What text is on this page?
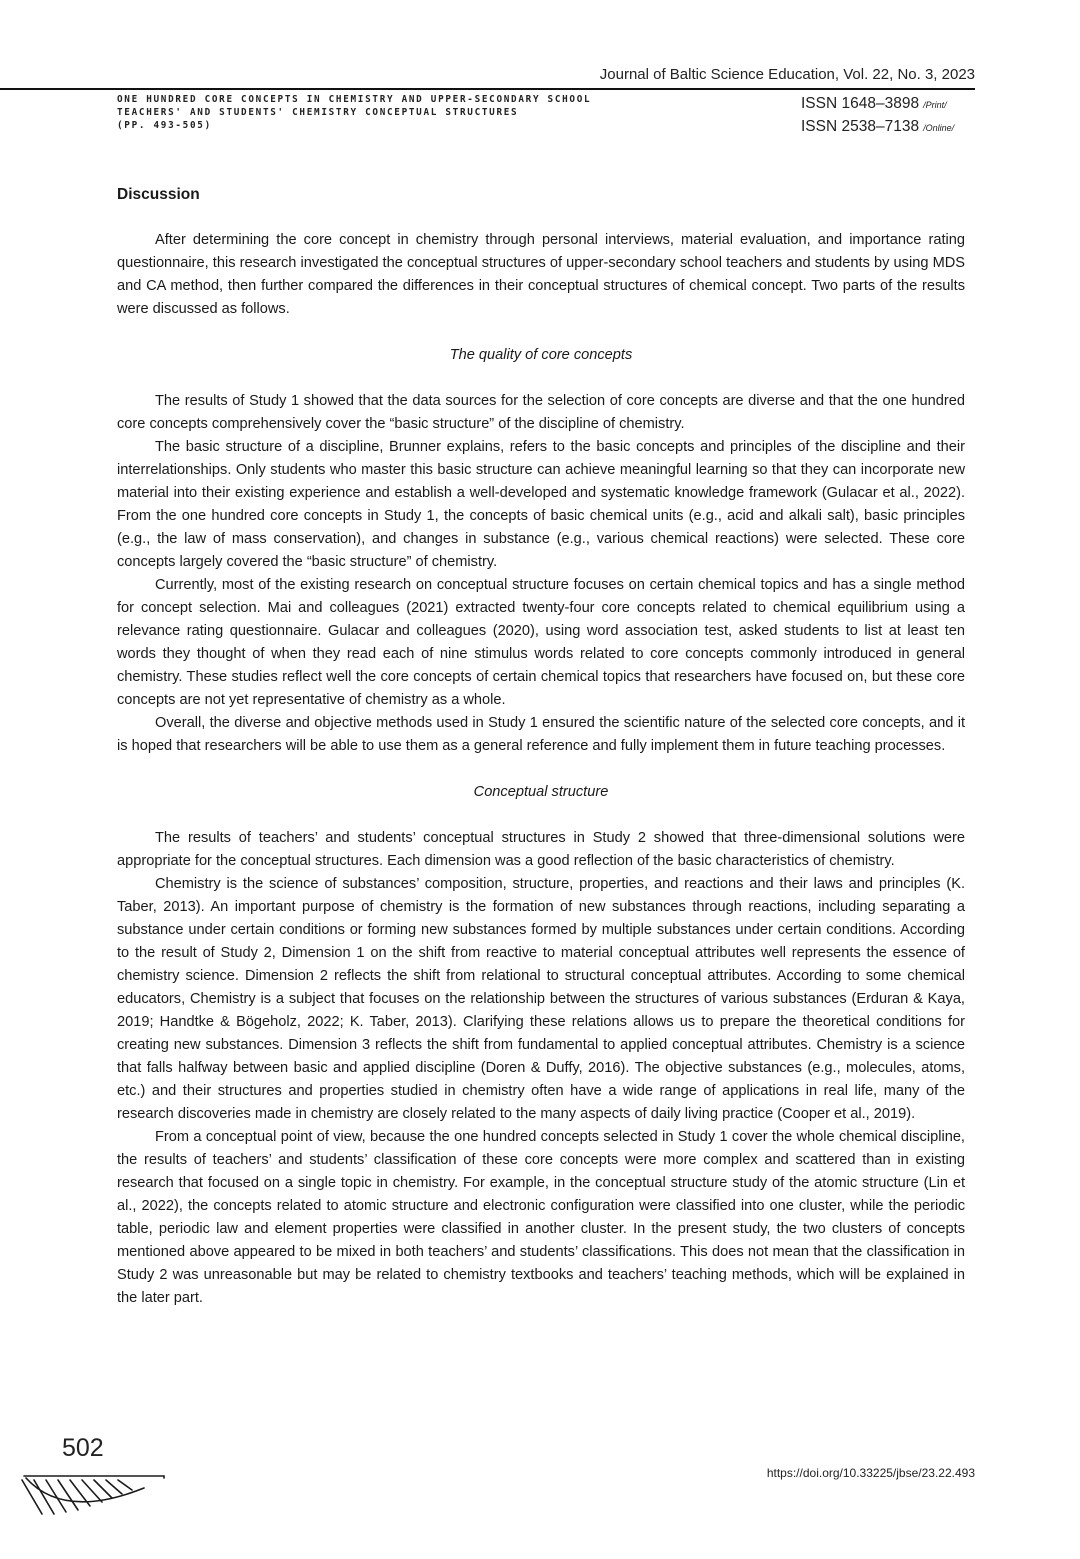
Journal of Baltic Science Education, Vol. 22, No. 3, 2023
ONE HUNDRED CORE CONCEPTS IN CHEMISTRY AND UPPER-SECONDARY SCHOOL
TEACHERS' AND STUDENTS' CHEMISTRY CONCEPTUAL STRUCTURES
(PP. 493-505)
ISSN 1648–3898 /Print/
ISSN 2538–7138 /Online/
Discussion

After determining the core concept in chemistry through personal interviews, material evaluation, and importance rating questionnaire, this research investigated the conceptual structures of upper-secondary school teachers and students by using MDS and CA method, then further compared the differences in their conceptual structures of chemical concept. Two parts of the results were discussed as follows.

The quality of core concepts

The results of Study 1 showed that the data sources for the selection of core concepts are diverse and that the one hundred core concepts comprehensively cover the “basic structure” of the discipline of chemistry.

The basic structure of a discipline, Brunner explains, refers to the basic concepts and principles of the discipline and their interrelationships. Only students who master this basic structure can achieve meaningful learning so that they can incorporate new material into their existing experience and establish a well-developed and systematic knowledge framework (Gulacar et al., 2022). From the one hundred core concepts in Study 1, the concepts of basic chemical units (e.g., acid and alkali salt), basic principles (e.g., the law of mass conservation), and changes in substance (e.g., various chemical reactions) were selected. These core concepts largely covered the “basic structure” of chemistry.

Currently, most of the existing research on conceptual structure focuses on certain chemical topics and has a single method for concept selection. Mai and colleagues (2021) extracted twenty-four core concepts related to chemical equilibrium using a relevance rating questionnaire. Gulacar and colleagues (2020), using word association test, asked students to list at least ten words they thought of when they read each of nine stimulus words related to core concepts commonly introduced in general chemistry. These studies reflect well the core concepts of certain chemical topics that researchers have focused on, but these core concepts are not yet representative of chemistry as a whole.

Overall, the diverse and objective methods used in Study 1 ensured the scientific nature of the selected core concepts, and it is hoped that researchers will be able to use them as a general reference and fully implement them in future teaching processes.

Conceptual structure

The results of teachers’ and students’ conceptual structures in Study 2 showed that three-dimensional solutions were appropriate for the conceptual structures. Each dimension was a good reflection of the basic characteristics of chemistry.

Chemistry is the science of substances’ composition, structure, properties, and reactions and their laws and principles (K. Taber, 2013). An important purpose of chemistry is the formation of new substances through reactions, including separating a substance under certain conditions or forming new substances formed by multiple substances under certain conditions. According to the result of Study 2, Dimension 1 on the shift from reactive to material conceptual attributes well represents the essence of chemistry science. Dimension 2 reflects the shift from relational to structural conceptual attributes. According to some chemical educators, Chemistry is a subject that focuses on the relationship between the structures of various substances (Erduran & Kaya, 2019; Handtke & Bögeholz, 2022; K. Taber, 2013). Clarifying these relations allows us to prepare the theoretical conditions for creating new substances. Dimension 3 reflects the shift from fundamental to applied conceptual attributes. Chemistry is a science that falls halfway between basic and applied discipline (Doren & Duffy, 2016). The objective substances (e.g., molecules, atoms, etc.) and their structures and properties studied in chemistry often have a wide range of applications in real life, many of the research discoveries made in chemistry are closely related to the many aspects of daily living practice (Cooper et al., 2019).

From a conceptual point of view, because the one hundred concepts selected in Study 1 cover the whole chemical discipline, the results of teachers’ and students’ classification of these core concepts were more complex and scattered than in existing research that focused on a single topic in chemistry. For example, in the conceptual structure study of the atomic structure (Lin et al., 2022), the concepts related to atomic structure and electronic configuration were classified into one cluster, while the periodic table, periodic law and element properties were classified in another cluster. In the present study, the two clusters of concepts mentioned above appeared to be mixed in both teachers’ and students’ classifications. This does not mean that the classification in Study 2 was unreasonable but may be related to chemistry textbooks and teachers’ teaching methods, which will be explained in the later part.

502
https://doi.org/10.33225/jbse/23.22.493
